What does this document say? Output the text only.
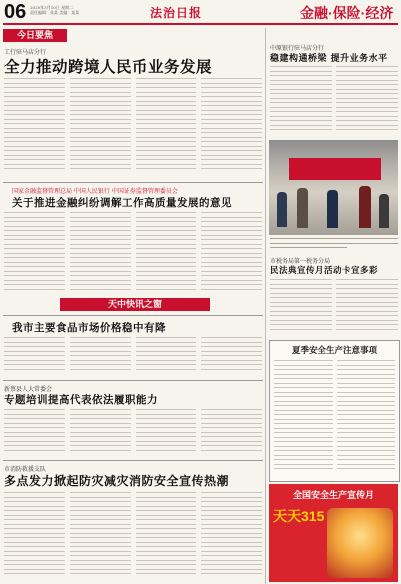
06 2020年3月10日 星期二
责任编辑：张某 美编：某某	法治日报	金融·保险·经济
今日要焦
工行驻马店分行
全力推动跨境人民币业务发展
中原银行驻马店分行
稳建构通桥梁 提升业务水平
国家金融监督管理总局 中国人民银行 中国证券监督管理委员会
关于推进金融纠纷调解工作高质量发展的意见
天中快讯之窗
市税务局第一税务分局
民法典宣传月活动卡宣多彩
我市主要食品市场价格稳中有降
夏季安全生产注意事项
新蔡县人大常委会
专题培训提高代表依法履职能力
市消防救援支队
多点发力掀起防灾减灾消防安全宣传热潮
全国安全生产宣传月
天天315
